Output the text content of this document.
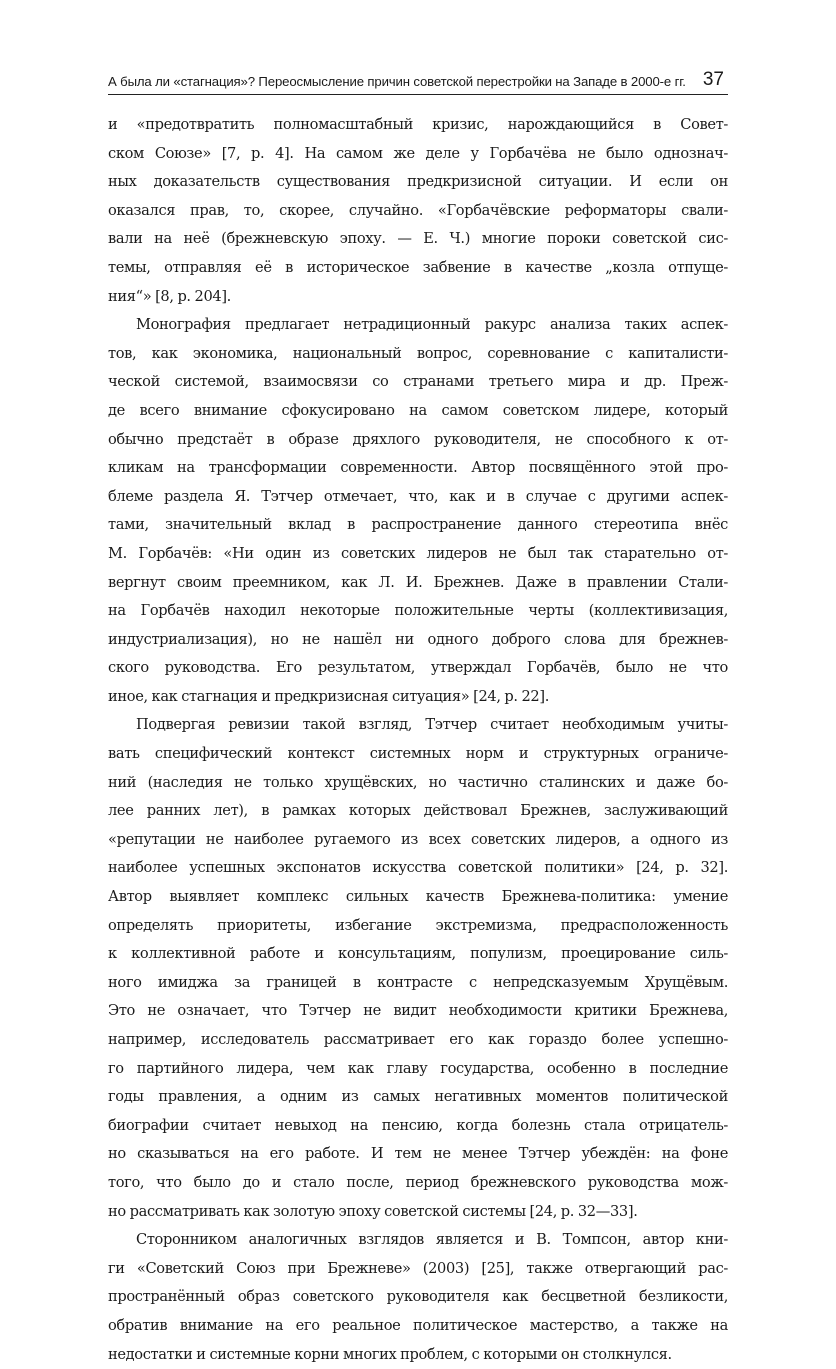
А была ли «стагнация»? Переосмысление причин советской перестройки на Западе в 2000-е гг. 37

и «предотвратить полномасштабный кризис, нарождающийся в Совет-
ском Союзе» [7, p. 4]. На самом же деле у Горбачёва не было однознач-
ных доказательств существования предкризисной ситуации. И если он
оказался прав, то, скорее, случайно. «Горбачёвские реформаторы свали-
вали на неё (брежневскую эпоху. — Е. Ч.) многие пороки советской сис-
темы, отправляя её в историческое забвение в качестве „козла отпуще-
ния“» [8, p. 204].

Монография предлагает нетрадиционный ракурс анализа таких аспек-
тов, как экономика, национальный вопрос, соревнование с капиталисти-
ческой системой, взаимосвязи со странами третьего мира и др. Преж-
де всего внимание сфокусировано на самом советском лидере, который
обычно предстаёт в образе дряхлого руководителя, не способного к от-
кликам на трансформации современности. Автор посвящённого этой про-
блеме раздела Я. Тэтчер отмечает, что, как и в случае с другими аспек-
тами, значительный вклад в распространение данного стереотипа внёс
М. Горбачёв: «Ни один из советских лидеров не был так старательно от-
вергнут своим преемником, как Л. И. Брежнев. Даже в правлении Стали-
на Горбачёв находил некоторые положительные черты (коллективизация,
индустриализация), но не нашёл ни одного доброго слова для брежнев-
ского руководства. Его результатом, утверждал Горбачёв, было не что
иное, как стагнация и предкризисная ситуация» [24, p. 22].

Подвергая ревизии такой взгляд, Тэтчер считает необходимым учиты-
вать специфический контекст системных норм и структурных ограниче-
ний (наследия не только хрущёвских, но частично сталинских и даже бо-
лее ранних лет), в рамках которых действовал Брежнев, заслуживающий
«репутации не наиболее ругаемого из всех советских лидеров, а одного из
наиболее успешных экспонатов искусства советской политики» [24, p. 32].
Автор выявляет комплекс сильных качеств Брежнева-политика: умение
определять приоритеты, избегание экстремизма, предрасположенность
к коллективной работе и консультациям, популизм, проецирование силь-
ного имиджа за границей в контрасте с непредсказуемым Хрущёвым.
Это не означает, что Тэтчер не видит необходимости критики Брежнева,
например, исследователь рассматривает его как гораздо более успешно-
го партийного лидера, чем как главу государства, особенно в последние
годы правления, а одним из самых негативных моментов политической
биографии считает невыход на пенсию, когда болезнь стала отрицатель-
но сказываться на его работе. И тем не менее Тэтчер убеждён: на фоне
того, что было до и стало после, период брежневского руководства мож-
но рассматривать как золотую эпоху советской системы [24, p. 32—33].

Сторонником аналогичных взглядов является и В. Томпсон, автор кни-
ги «Советский Союз при Брежневе» (2003) [25], также отвергающий рас-
пространённый образ советского руководителя как бесцветной безликости,
обратив внимание на его реальное политическое мастерство, а также на
недостатки и системные корни многих проблем, с которыми он столкнулся.
